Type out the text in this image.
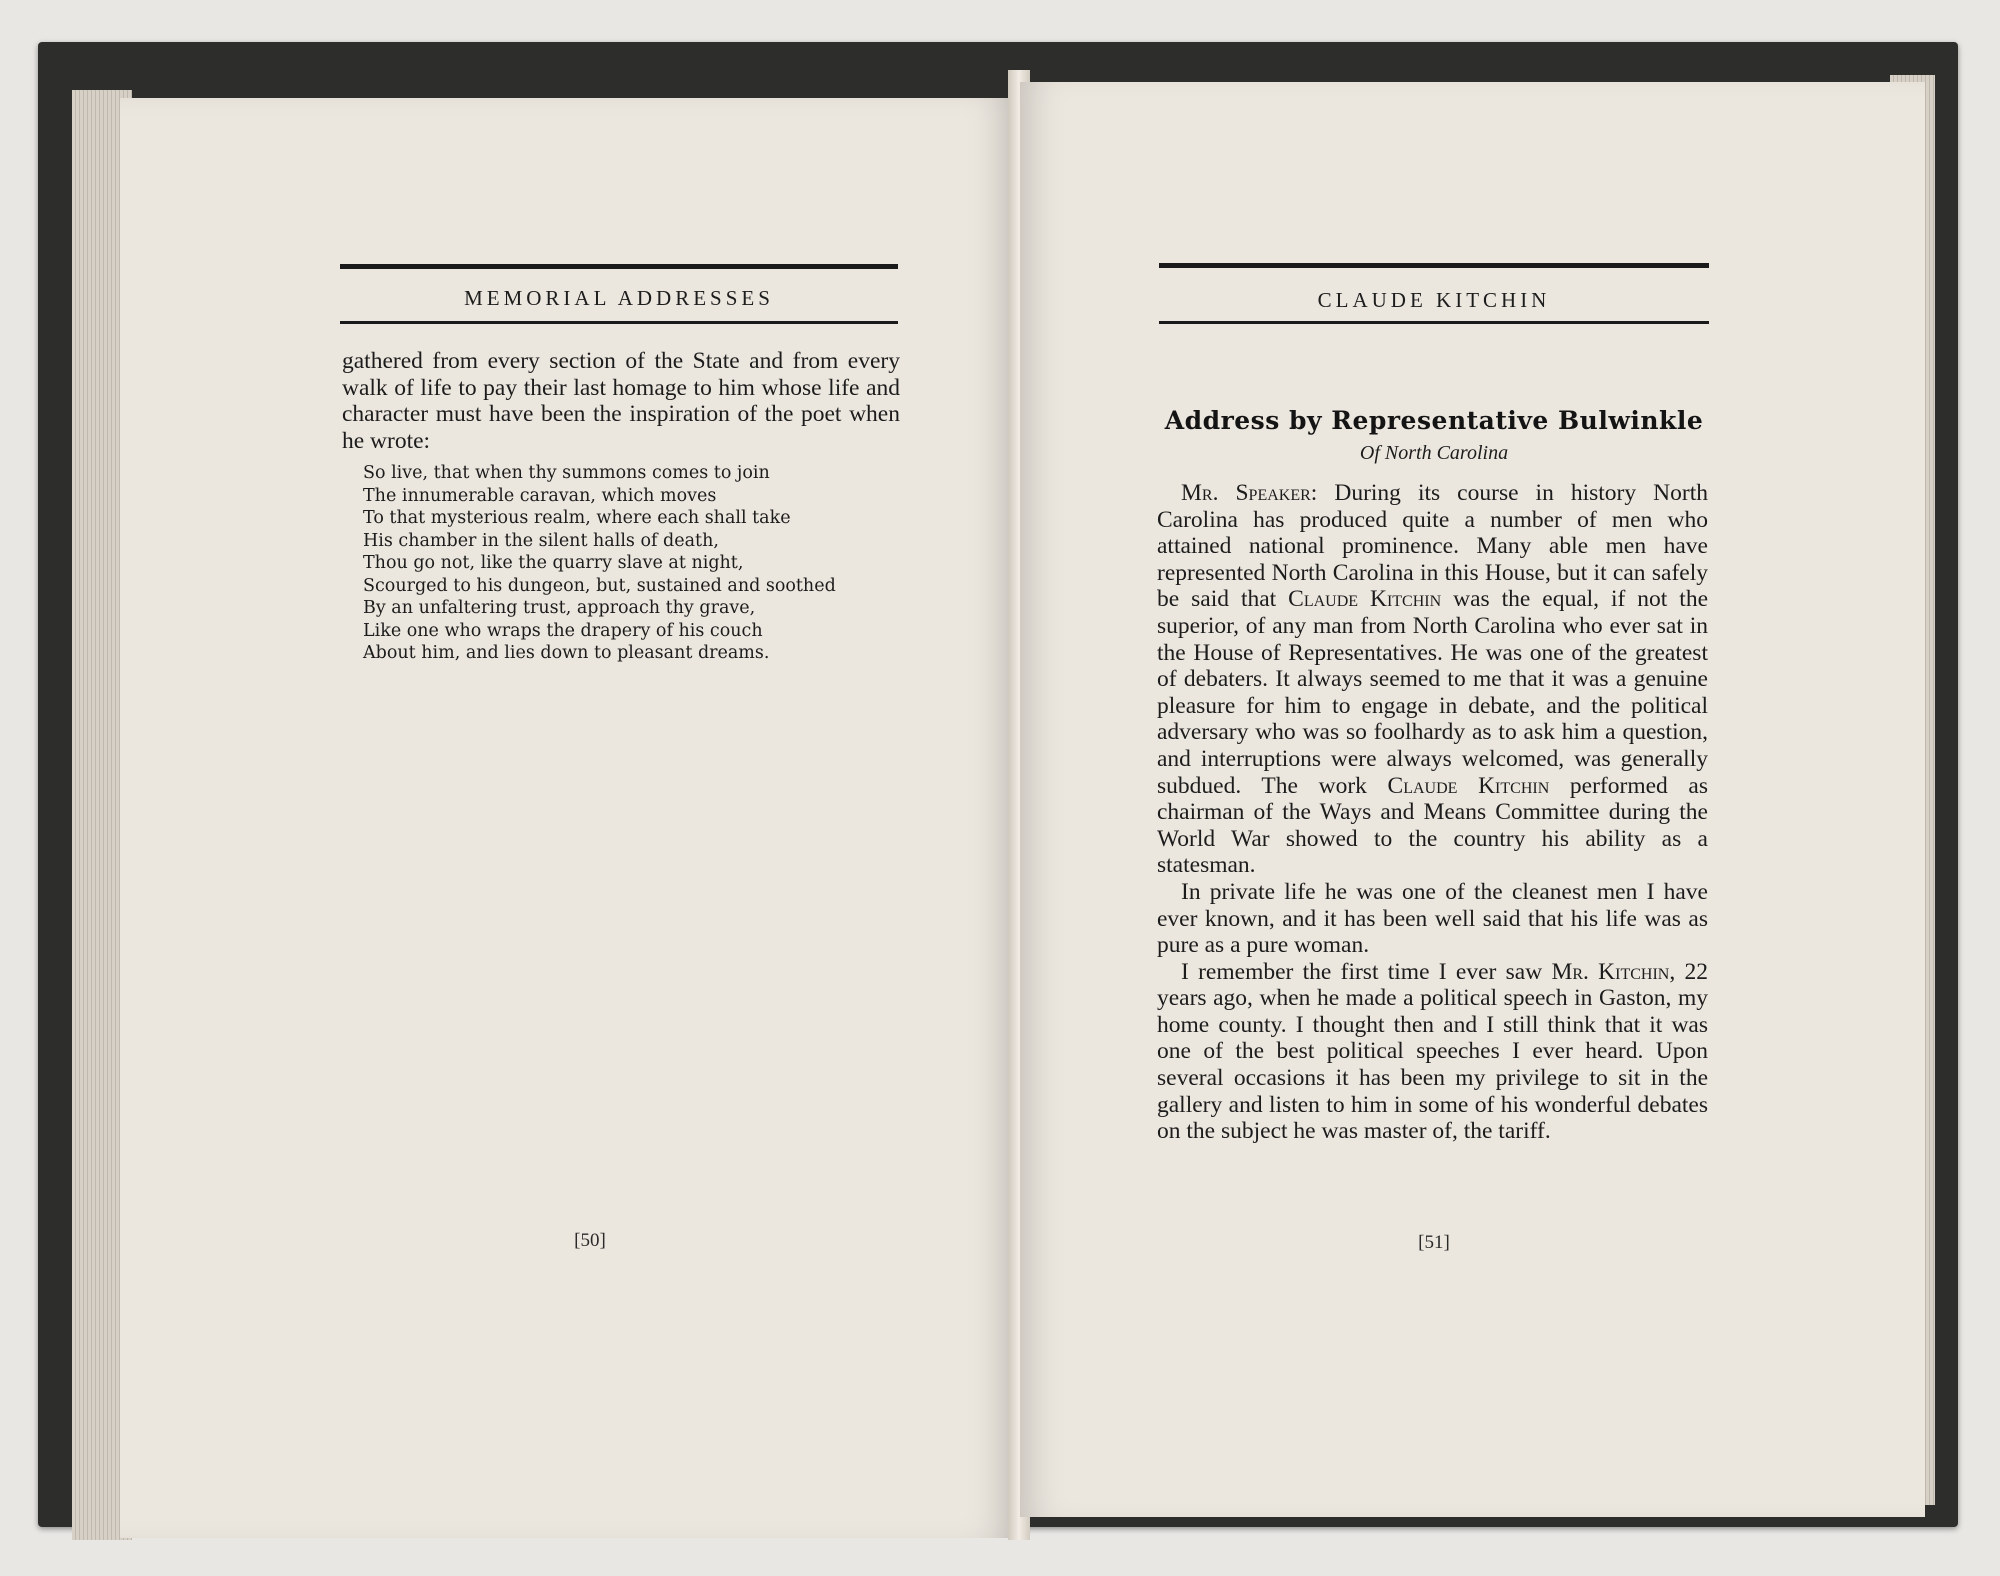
MEMORIAL ADDRESSES

gathered from every section of the State and from every walk of life to pay their last homage to him whose life and character must have been the inspiration of the poet when he wrote:

So live, that when thy summons comes to join
The innumerable caravan, which moves
To that mysterious realm, where each shall take
His chamber in the silent halls of death,
Thou go not, like the quarry slave at night,
Scourged to his dungeon, but, sustained and soothed
By an unfaltering trust, approach thy grave,
Like one who wraps the drapery of his couch
About him, and lies down to pleasant dreams.
[50]
CLAUDE KITCHIN
Address by Representative Bulwinkle
Of North Carolina

Mr. Speaker: During its course in history North Carolina has produced quite a number of men who attained national prominence. Many able men have represented North Carolina in this House, but it can safely be said that Claude Kitchin was the equal, if not the superior, of any man from North Carolina who ever sat in the House of Representatives. He was one of the greatest of debaters. It always seemed to me that it was a genuine pleasure for him to engage in debate, and the political adversary who was so foolhardy as to ask him a question, and interruptions were always welcomed, was generally subdued. The work Claude Kitchin performed as chairman of the Ways and Means Committee during the World War showed to the country his ability as a statesman.

In private life he was one of the cleanest men I have ever known, and it has been well said that his life was as pure as a pure woman.

I remember the first time I ever saw Mr. Kitchin, 22 years ago, when he made a political speech in Gaston, my home county. I thought then and I still think that it was one of the best political speeches I ever heard. Upon several occasions it has been my privilege to sit in the gallery and listen to him in some of his wonderful debates on the subject he was master of, the tariff.

[51]
